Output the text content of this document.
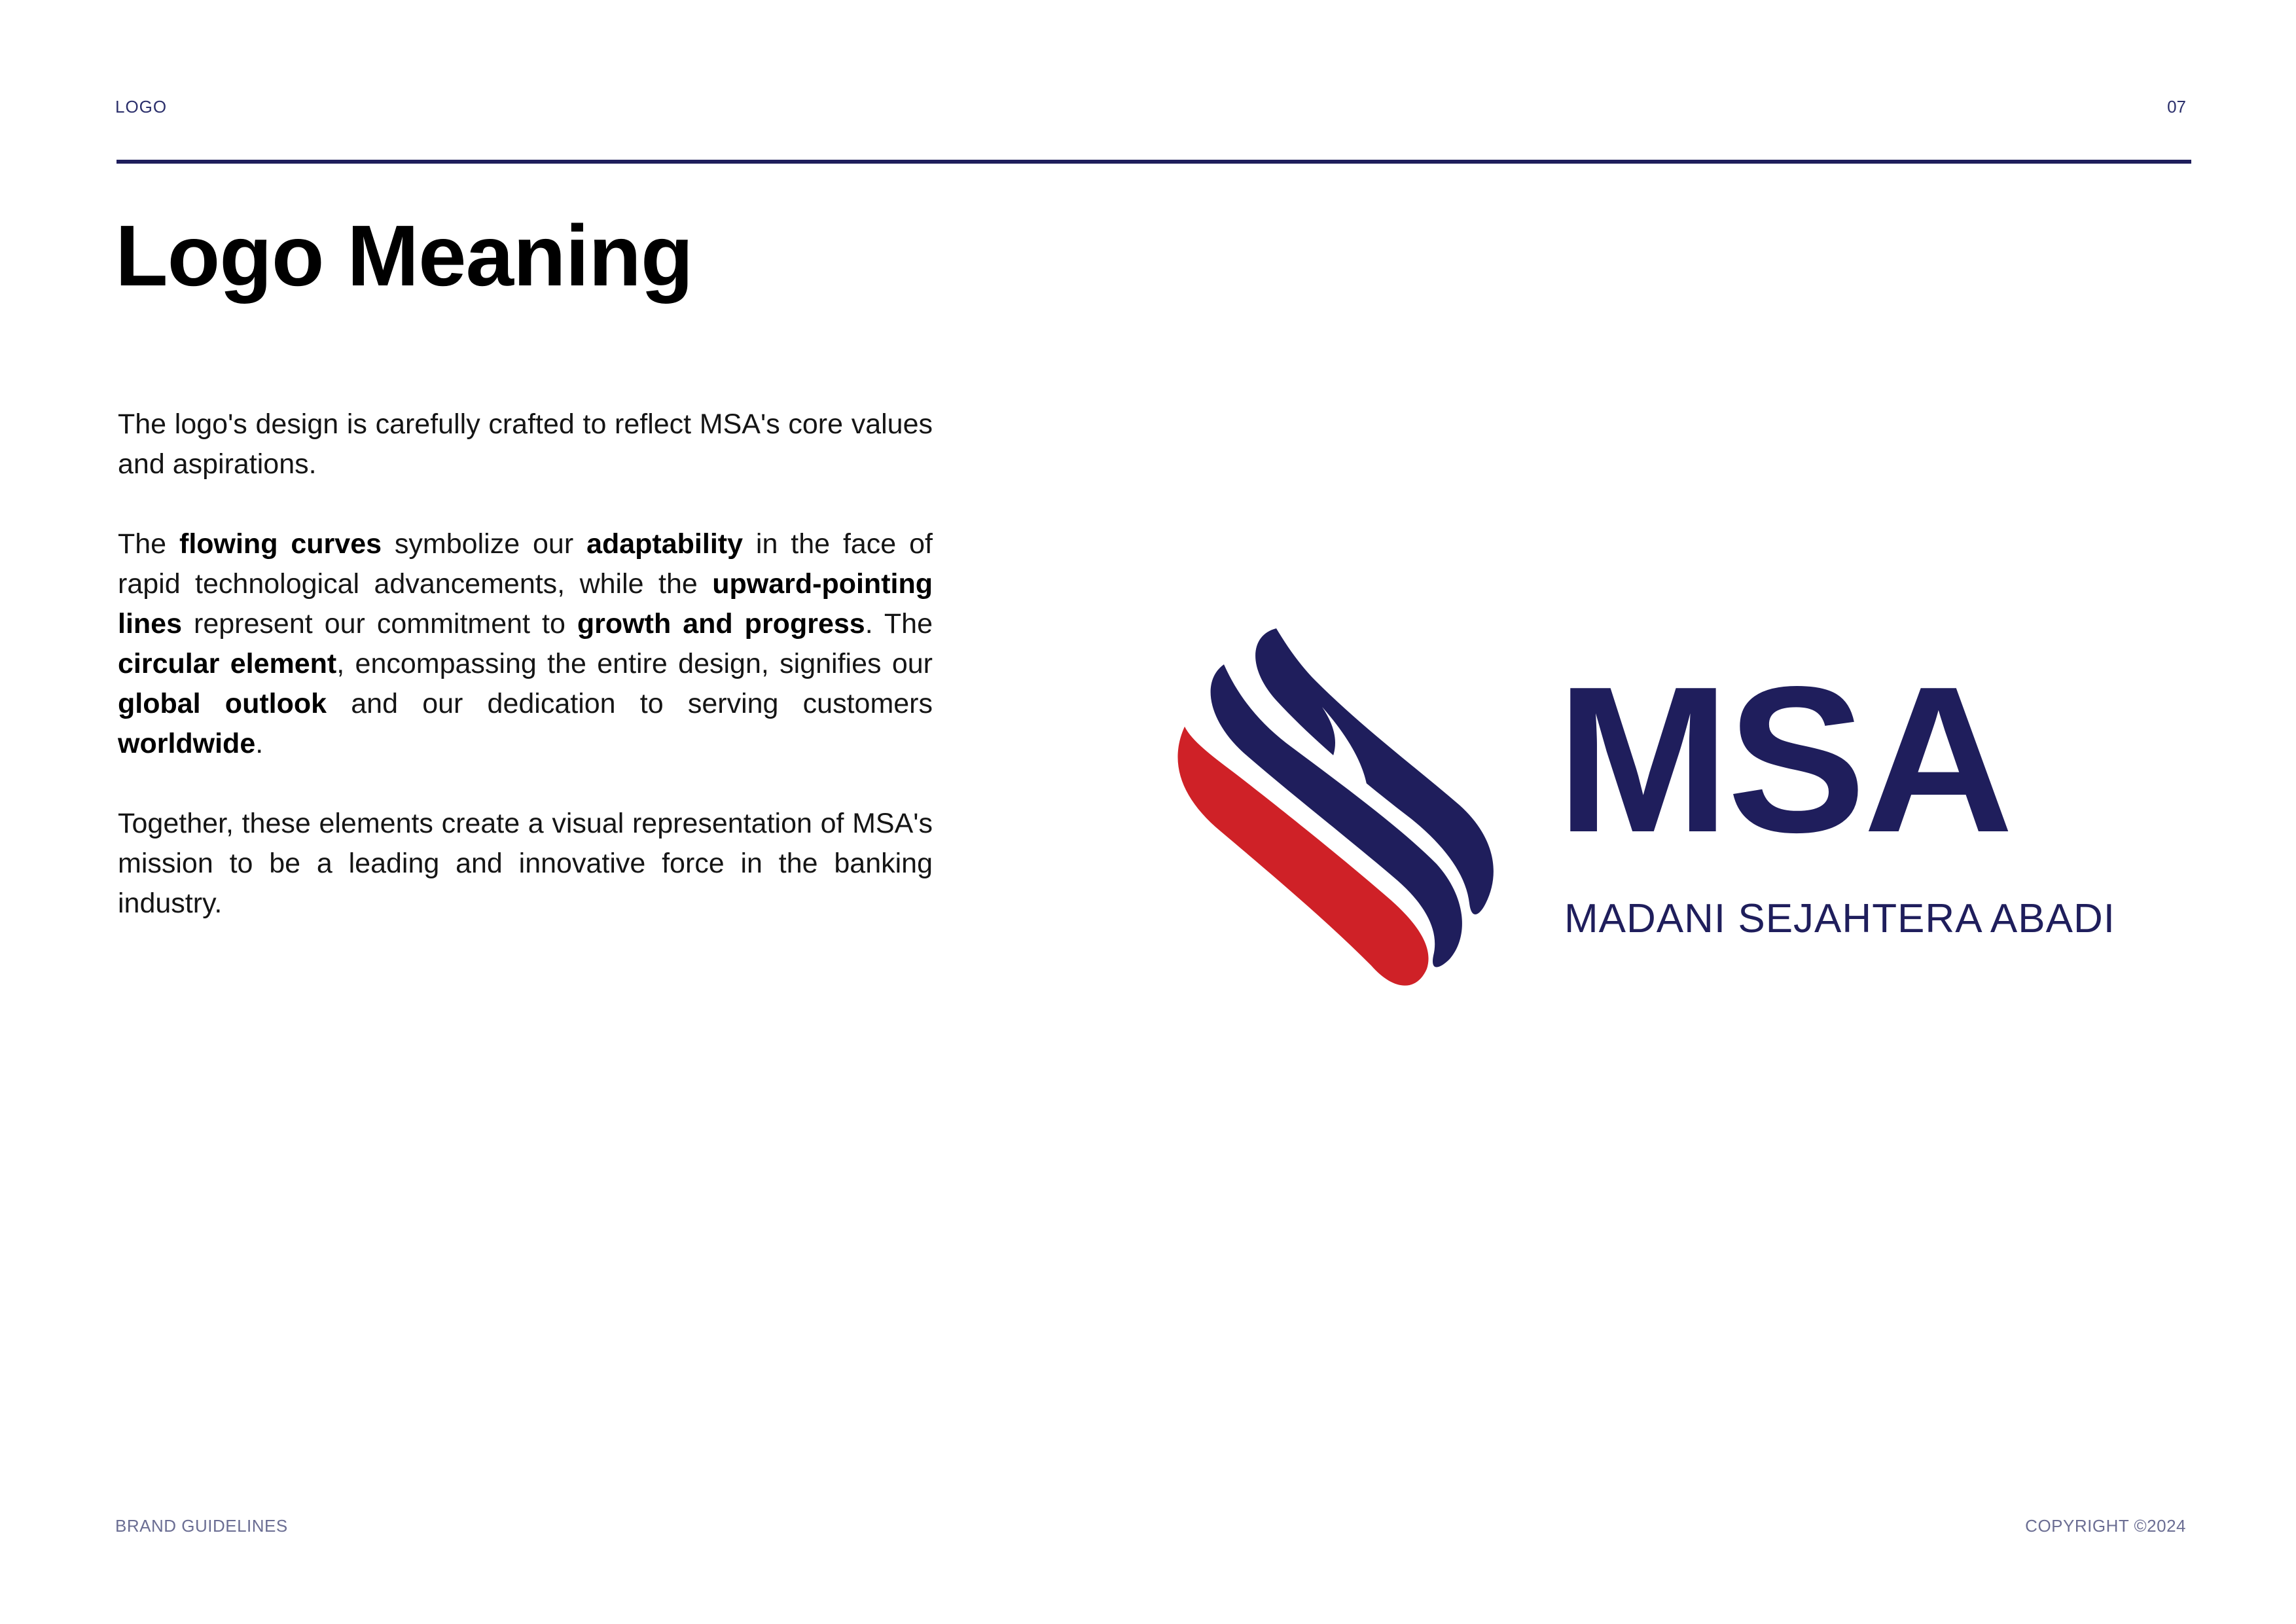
LOGO	07
Logo Meaning

The logo's design is carefully crafted to reflect MSA's core values and aspirations.

The flowing curves symbolize our adaptability in the face of rapid technological advancements, while the upward-pointing lines represent our commitment to growth and progress. The circular element, encompassing the entire design, signifies our global outlook and our dedication to serving customers worldwide.

Together, these elements create a visual representation of MSA's mission to be a leading and innovative force in the banking industry.

MSA
MADANI SEJAHTERA ABADI
BRAND GUIDELINES	COPYRIGHT ©2024
